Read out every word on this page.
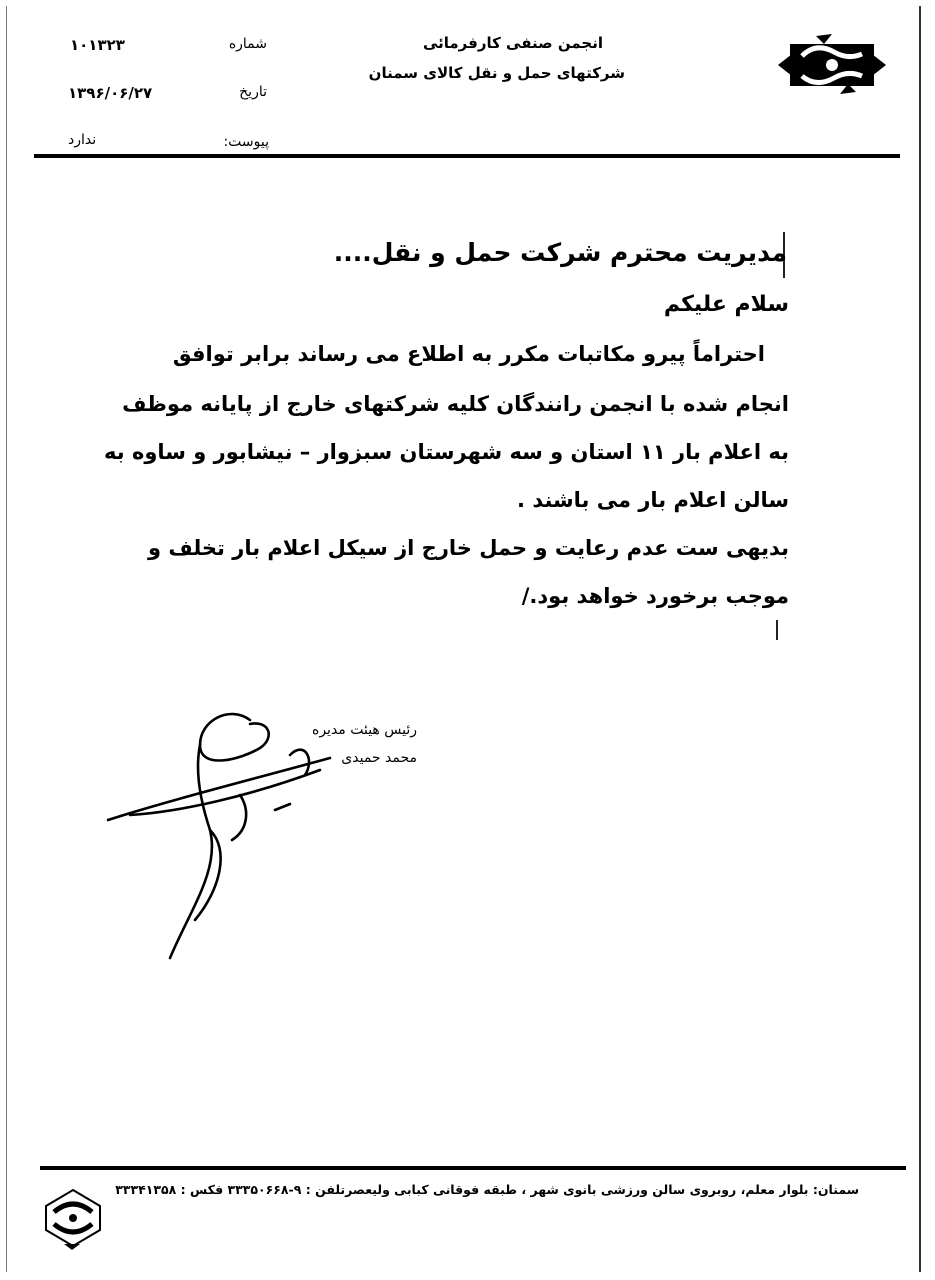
انجمن صنفی کارفرمائی
شرکتهای حمل و نقل کالای سمنان
شماره
۱۰۱۳۲۳
تاریخ
۱۳۹۶/۰۶/۲۷
پیوست:
ندارد
مدیریت محترم شرکت حمل و نقل....
سلام علیکم
احتراماً پیرو مکاتبات مکرر به اطلاع می رساند برابر توافق
انجام شده با انجمن رانندگان کلیه شرکتهای خارج از پایانه موظف
به اعلام بار ۱۱ استان و سه شهرستان سبزوار – نیشابور و ساوه به
سالن اعلام بار می باشند .
بدیهی ست عدم رعایت و حمل خارج از سیکل اعلام بار تخلف و
موجب برخورد خواهد بود./
رئیس هیئت مدیره
محمد حمیدی
سمنان: بلوار معلم، روبروی سالن ورزشی بانوی شهر ، طبقه فوقانی کبابی ولیعصرتلفن : ۹-۳۳۳۵۰۶۶۸ فکس : ۳۳۳۴۱۳۵۸
